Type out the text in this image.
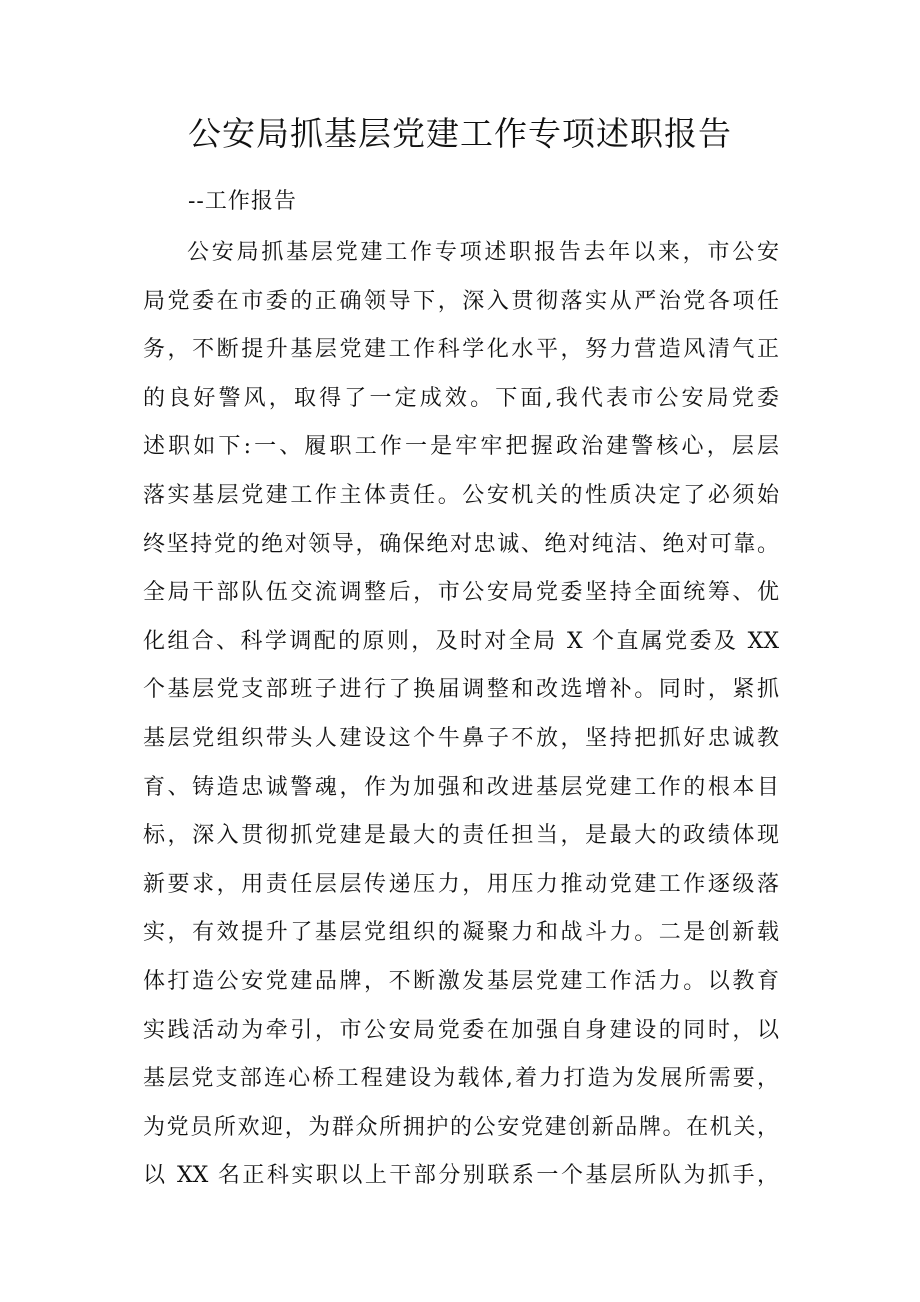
公安局抓基层党建工作专项述职报告

--工作报告

公安局抓基层党建工作专项述职报告去年以来，市公安
局党委在市委的正确领导下，深入贯彻落实从严治党各项任
务，不断提升基层党建工作科学化水平，努力营造风清气正
的良好警风，取得了一定成效。下面,我代表市公安局党委
述职如下:一、履职工作一是牢牢把握政治建警核心，层层
落实基层党建工作主体责任。公安机关的性质决定了必须始
终坚持党的绝对领导，确保绝对忠诚、绝对纯洁、绝对可靠。
全局干部队伍交流调整后，市公安局党委坚持全面统筹、优
化组合、科学调配的原则，及时对全局 X 个直属党委及 XX
个基层党支部班子进行了换届调整和改选增补。同时，紧抓
基层党组织带头人建设这个牛鼻子不放，坚持把抓好忠诚教
育、铸造忠诚警魂，作为加强和改进基层党建工作的根本目
标，深入贯彻抓党建是最大的责任担当，是最大的政绩体现
新要求，用责任层层传递压力，用压力推动党建工作逐级落
实，有效提升了基层党组织的凝聚力和战斗力。二是创新载
体打造公安党建品牌，不断激发基层党建工作活力。以教育
实践活动为牵引，市公安局党委在加强自身建设的同时，以
基层党支部连心桥工程建设为载体,着力打造为发展所需要，
为党员所欢迎，为群众所拥护的公安党建创新品牌。在机关，
以 XX 名正科实职以上干部分别联系一个基层所队为抓手，
